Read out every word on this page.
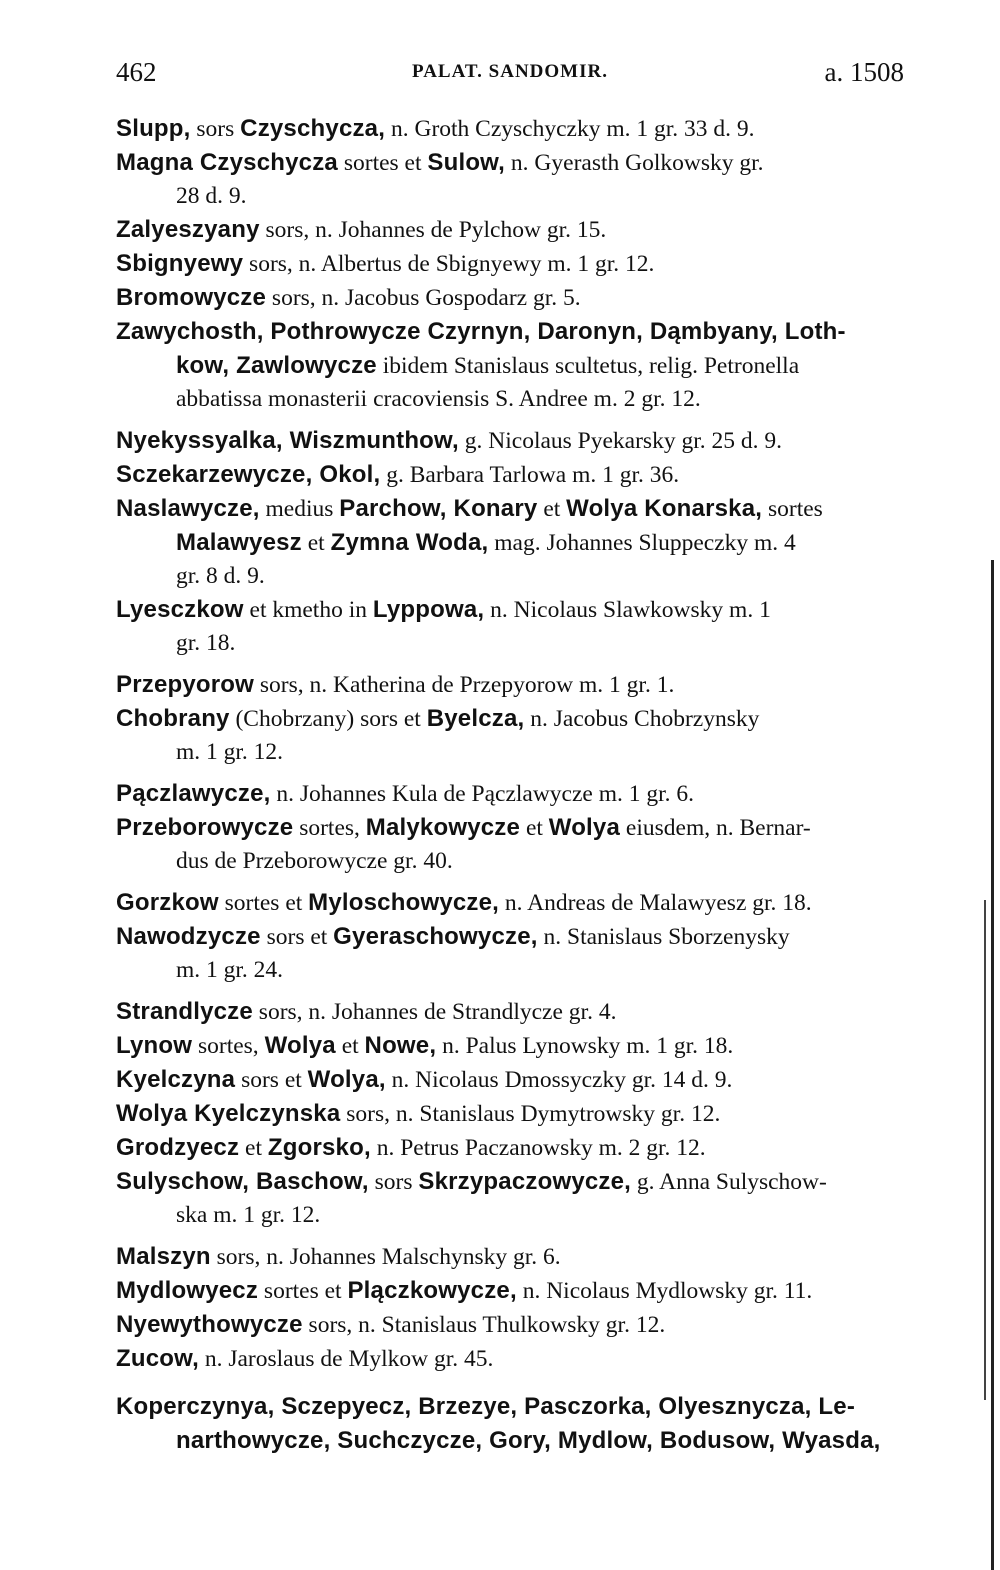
462	PALAT. SANDOMIR.	a. 1508
Slupp, sors Czyschycza, n. Groth Czyschyczky m. 1 gr. 33 d. 9.
Magna Czyschycza sortes et Sulow, n. Gyerasth Golkowsky gr.
28 d. 9.
Zalyeszyany sors, n. Johannes de Pylchow gr. 15.
Sbignyewy sors, n. Albertus de Sbignyewy m. 1 gr. 12.
Bromowycze sors, n. Jacobus Gospodarz gr. 5.
Zawychosth, Pothrowycze Czyrnyn, Daronyn, Dąmbyany, Loth-
kow, Zawlowycze ibidem Stanislaus scultetus, relig. Petronella
abbatissa monasterii cracoviensis S. Andree m. 2 gr. 12.
Nyekyssyalka, Wiszmunthow, g. Nicolaus Pyekarsky gr. 25 d. 9.
Sczekarzewycze, Okol, g. Barbara Tarlowa m. 1 gr. 36.
Naslawycze, medius Parchow, Konary et Wolya Konarska, sortes
Malawyesz et Zymna Woda, mag. Johannes Sluppeczky m. 4
gr. 8 d. 9.
Lyesczkow et kmetho in Lyppowa, n. Nicolaus Slawkowsky m. 1
gr. 18.
Przepyorow sors, n. Katherina de Przepyorow m. 1 gr. 1.
Chobrany (Chobrzany) sors et Byelcza, n. Jacobus Chobrzynsky
m. 1 gr. 12.
Pączlawycze, n. Johannes Kula de Pączlawycze m. 1 gr. 6.
Przeborowycze sortes, Malykowycze et Wolya eiusdem, n. Bernar-
dus de Przeborowycze gr. 40.
Gorzkow sortes et Myloschowycze, n. Andreas de Malawyesz gr. 18.
Nawodzycze sors et Gyeraschowycze, n. Stanislaus Sborzenysky
m. 1 gr. 24.
Strandlycze sors, n. Johannes de Strandlycze gr. 4.
Lynow sortes, Wolya et Nowe, n. Palus Lynowsky m. 1 gr. 18.
Kyelczyna sors et Wolya, n. Nicolaus Dmossyczky gr. 14 d. 9.
Wolya Kyelczynska sors, n. Stanislaus Dymytrowsky gr. 12.
Grodzyecz et Zgorsko, n. Petrus Paczanowsky m. 2 gr. 12.
Sulyschow, Baschow, sors Skrzypaczowycze, g. Anna Sulyschow-
ska m. 1 gr. 12.
Malszyn sors, n. Johannes Malschynsky gr. 6.
Mydlowyecz sortes et Plączkowycze, n. Nicolaus Mydlowsky gr. 11.
Nyewythowycze sors, n. Stanislaus Thulkowsky gr. 12.
Zucow, n. Jaroslaus de Mylkow gr. 45.
Koperczynya, Sczepyecz, Brzezye, Pasczorka, Olyesznycza, Le-
narthowycze, Suchczycze, Gory, Mydlow, Bodusow, Wyasda,
